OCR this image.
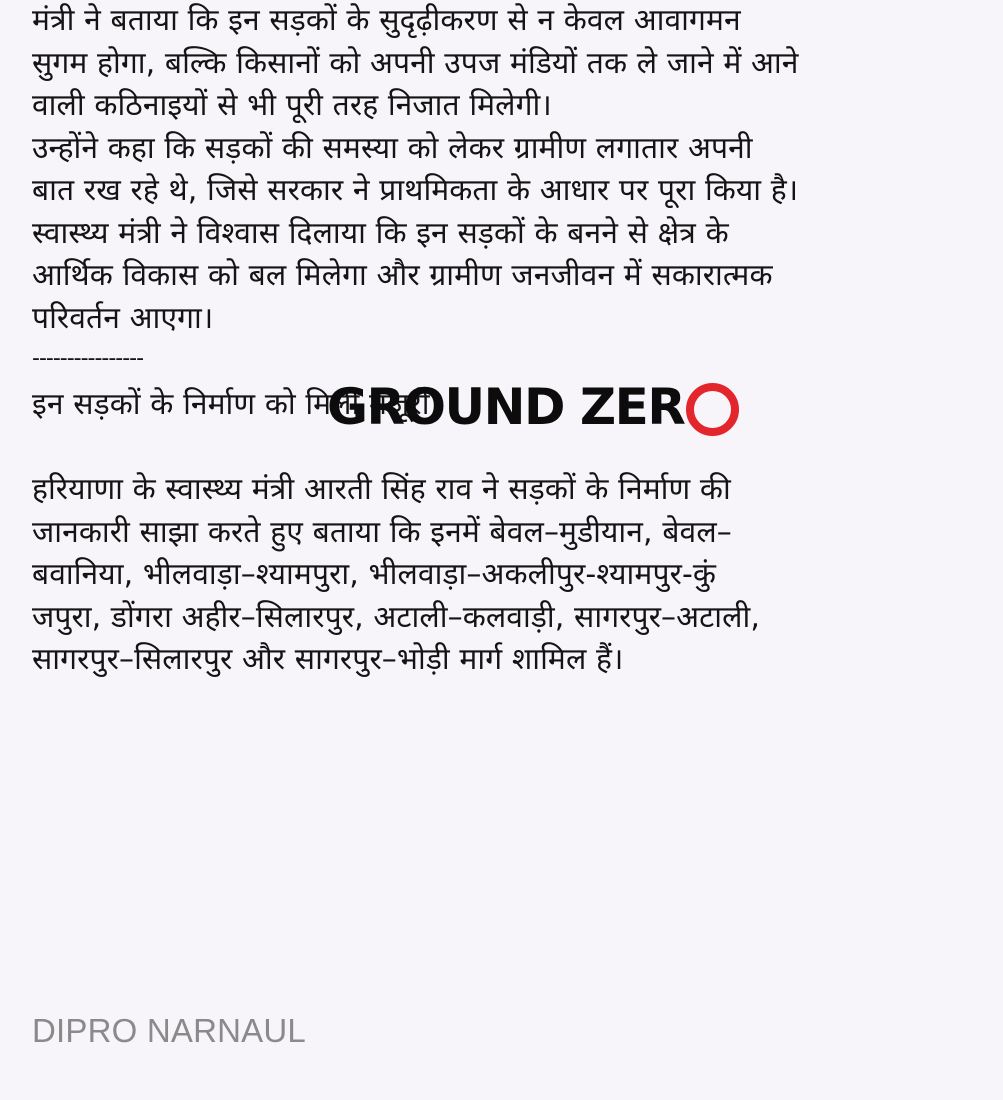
मंत्री ने बताया कि इन सड़कों के सुदृढ़ीकरण से न केवल आवागमन
सुगम होगा, बल्कि किसानों को अपनी उपज मंडियों तक ले जाने में आने
वाली कठिनाइयों से भी पूरी तरह निजात मिलेगी।
उन्होंने कहा कि सड़कों की समस्या को लेकर ग्रामीण लगातार अपनी
बात रख रहे थे, जिसे सरकार ने प्राथमिकता के आधार पर पूरा किया है।
स्वास्थ्य मंत्री ने विश्वास दिलाया कि इन सड़कों के बनने से क्षेत्र के
आर्थिक विकास को बल मिलेगा और ग्रामीण जनजीवन में सकारात्मक
परिवर्तन आएगा।
----------------
इन सड़कों के निर्माण को मिली मंजूरी
हरियाणा के स्वास्थ्य मंत्री आरती सिंह राव ने सड़कों के निर्माण की
जानकारी साझा करते हुए बताया कि इनमें बेवल–मुडीयान, बेवल–
बवानिया, भीलवाड़ा–श्यामपुरा, भीलवाड़ा–अकलीपुर-श्यामपुर-कुं
जपुरा, डोंगरा अहीर–सिलारपुर, अटाली–कलवाड़ी, सागरपुर–अटाली,
सागरपुर–सिलारपुर और सागरपुर–भोड़ी मार्ग शामिल हैं।
GROUND ZER
DIPRO NARNAUL
